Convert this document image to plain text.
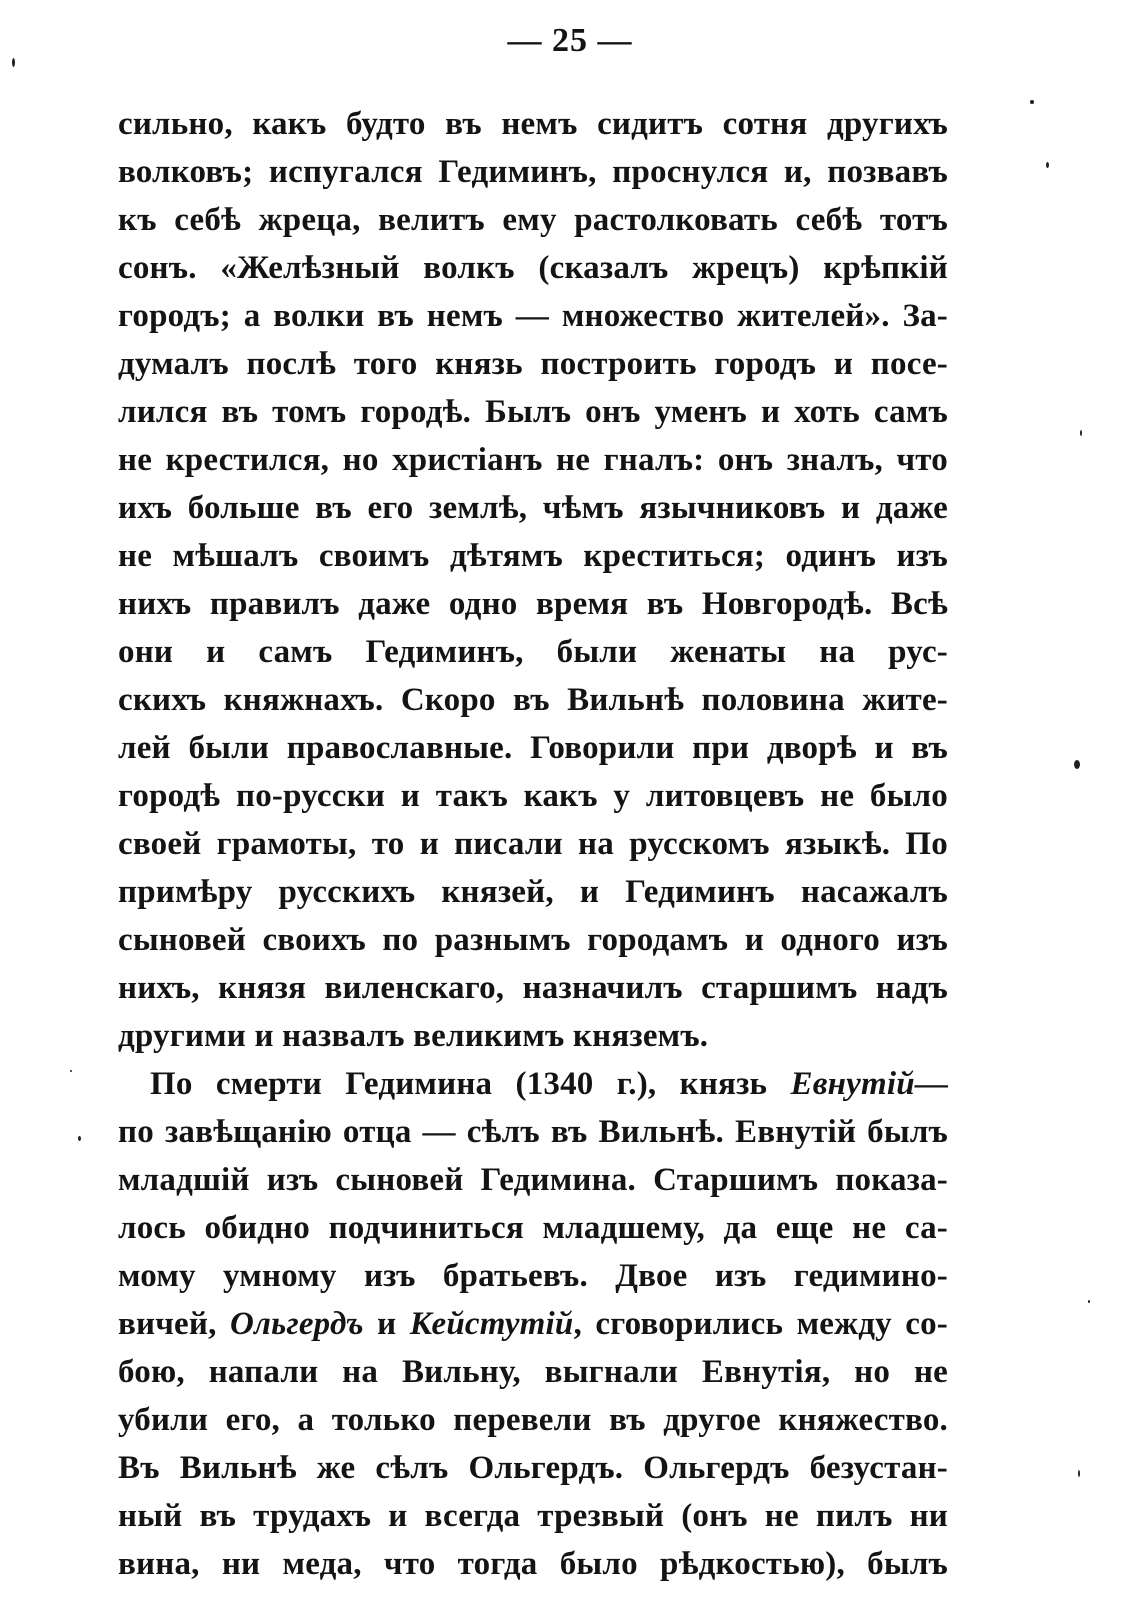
— 25 —
сильно, какъ будто въ немъ сидитъ сотня другихъ
волковъ; испугался Гедиминъ, проснулся и, позвавъ
къ себѣ жреца, велитъ ему растолковать себѣ тотъ
сонъ. «Желѣзный волкъ (сказалъ жрецъ) крѣпкій
городъ; а волки въ немъ — множество жителей». За-
думалъ послѣ того князь построить городъ и посе-
лился въ томъ городѣ. Былъ онъ уменъ и хоть самъ
не крестился, но христіанъ не гналъ: онъ зналъ, что
ихъ больше въ его землѣ, чѣмъ язычниковъ и даже
не мѣшалъ своимъ дѣтямъ креститься; одинъ изъ
нихъ правилъ даже одно время въ Новгородѣ. Всѣ
они и самъ Гедиминъ, были женаты на рус-
скихъ княжнахъ. Скоро въ Вильнѣ половина жите-
лей были православные. Говорили при дворѣ и въ
городѣ по-русски и такъ какъ у литовцевъ не было
своей грамоты, то и писали на русскомъ языкѣ. По
примѣру русскихъ князей, и Гедиминъ насажалъ
сыновей своихъ по разнымъ городамъ и одного изъ
нихъ, князя виленскаго, назначилъ старшимъ надъ
другими и назвалъ великимъ княземъ.
По смерти Гедимина (1340 г.), князь Евнутій—
по завѣщанію отца — сѣлъ въ Вильнѣ. Евнутій былъ
младшій изъ сыновей Гедимина. Старшимъ показа-
лось обидно подчиниться младшему, да еще не са-
мому умному изъ братьевъ. Двое изъ гедимино-
вичей, Ольгердъ и Кейстутій, сговорились между со-
бою, напали на Вильну, выгнали Евнутія, но не
убили его, а только перевели въ другое княжество.
Въ Вильнѣ же сѣлъ Ольгердъ. Ольгердъ безустан-
ный въ трудахъ и всегда трезвый (онъ не пилъ ни
вина, ни меда, что тогда было рѣдкостью), былъ
